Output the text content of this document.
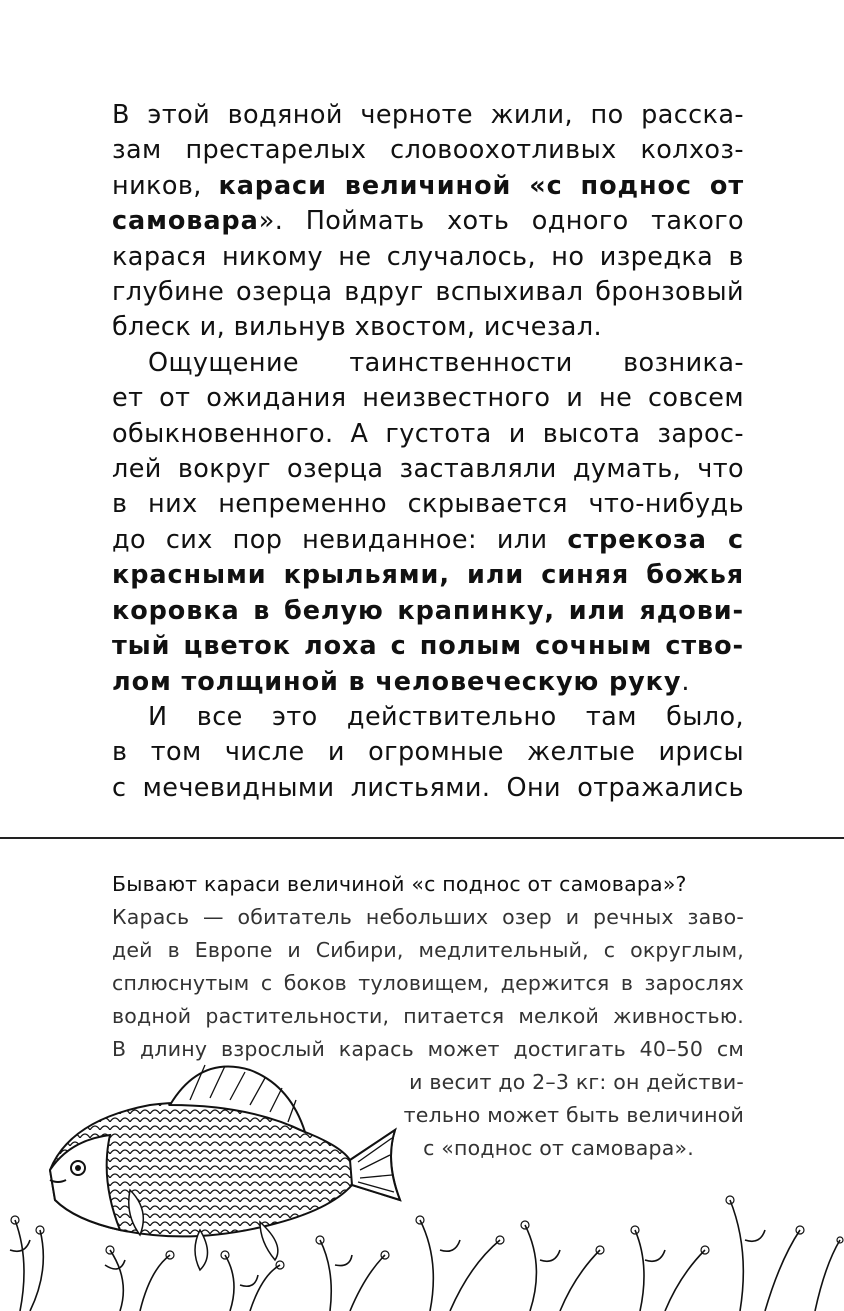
В этой водяной черноте жили, по расска-
зам престарелых словоохотливых колхоз-
ников, караси величиной «с поднос от
самовара». Поймать хоть одного такого
карася никому не случалось, но изредка в
глубине озерца вдруг вспыхивал бронзовый
блеск и, вильнув хвостом, исчезал.

Ощущение таинственности возника-
ет от ожидания неизвестного и не совсем
обыкновенного. А густота и высота зарос-
лей вокруг озерца заставляли думать, что
в них непременно скрывается что-нибудь
до сих пор невиданное: или стрекоза с
красными крыльями, или синяя божья
коровка в белую крапинку, или ядови-
тый цветок лоха с полым сочным ство-
лом толщиной в человеческую руку.

И все это действительно там было,
в том числе и огромные желтые ирисы
с мечевидными листьями. Они отражались

Бывают караси величиной «с поднос от самовара»?
Карась — обитатель небольших озер и речных заво-
дей в Европе и Сибири, медлительный, с округлым,
сплюснутым с боков туловищем, держится в зарослях
водной растительности, питается мелкой живностью.
В длину взрослый карась может достигать 40–50 см
и весит до 2–3 кг: он действи-
тельно может быть величиной
с «поднос от самовара».
